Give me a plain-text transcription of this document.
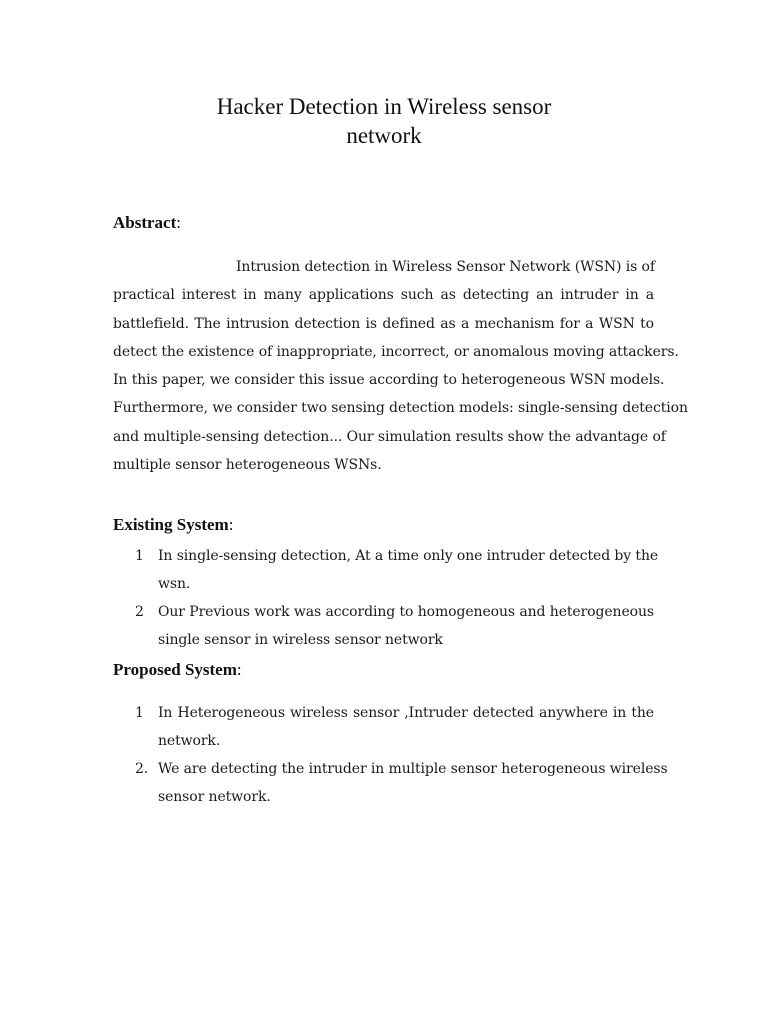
Hacker Detection in Wireless sensor
network
Abstract:

Intrusion detection in Wireless Sensor Network (WSN) is of
practical interest in many applications such as detecting an intruder in a
battlefield. The intrusion detection is defined as a mechanism for a WSN to
detect the existence of inappropriate, incorrect, or anomalous moving attackers.
In this paper, we consider this issue according to heterogeneous WSN models.
Furthermore, we consider two sensing detection models: single-sensing detection
and multiple-sensing detection... Our simulation results show the advantage of
multiple sensor heterogeneous WSNs.

Existing System:
1 In single-sensing detection, At a time only one intruder detected by the
wsn.
2 Our Previous work was according to homogeneous and heterogeneous
single sensor in wireless sensor network
Proposed System:
1 In Heterogeneous wireless sensor ,Intruder detected anywhere in the
network.
2. We are detecting the intruder in multiple sensor heterogeneous wireless
sensor network.
